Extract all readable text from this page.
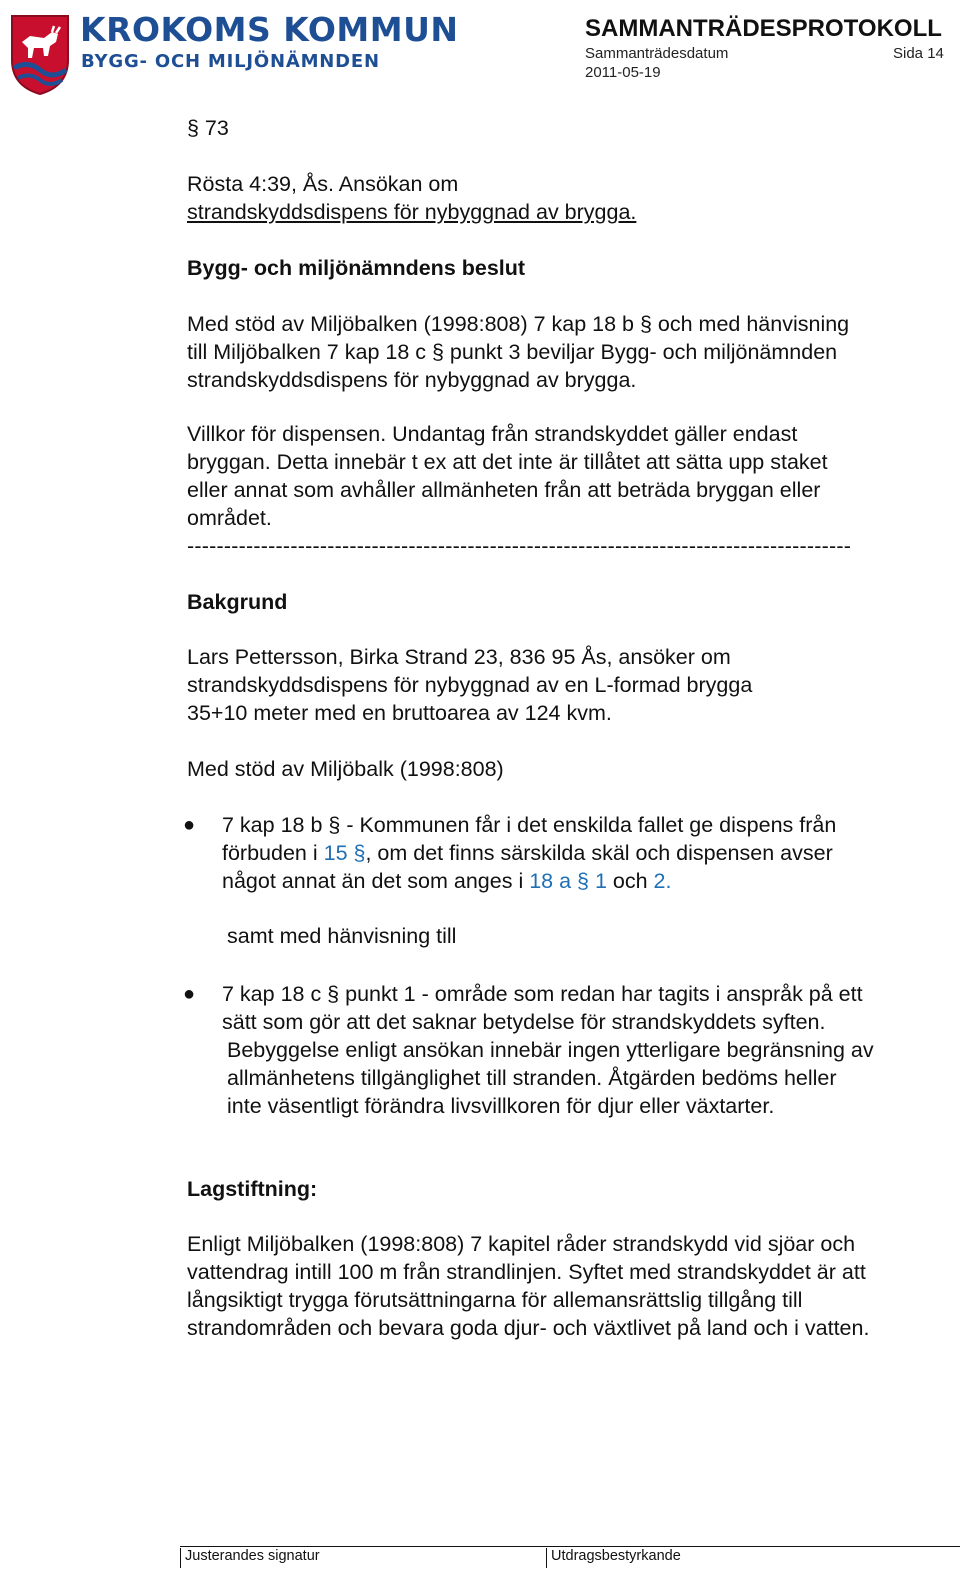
KROKOMS KOMMUN
BYGG- OCH MILJÖNÄMNDEN
SAMMANTRÄDESPROTOKOLL
Sammanträdesdatum	Sida 14
2011-05-19
§ 73
Rösta 4:39, Ås. Ansökan om
strandskyddsdispens för nybyggnad av brygga.
Bygg- och miljönämndens beslut
Med stöd av Miljöbalken (1998:808) 7 kap 18 b § och med hänvisning
till Miljöbalken 7 kap 18 c § punkt 3 beviljar Bygg- och miljönämnden
strandskyddsdispens för nybyggnad av brygga.
Villkor för dispensen. Undantag från strandskyddet gäller endast
bryggan. Detta innebär t ex att det inte är tillåtet att sätta upp staket
eller annat som avhåller allmänheten från att beträda bryggan eller
området.
------------------------------------------------------------------------------------------
Bakgrund
Lars Pettersson, Birka Strand 23, 836 95 Ås, ansöker om
strandskyddsdispens för nybyggnad av en L-formad brygga
35+10 meter med en bruttoarea av 124 kvm.
Med stöd av Miljöbalk (1998:808)
● 7 kap 18 b § - Kommunen får i det enskilda fallet ge dispens från
förbuden i 15 §, om det finns särskilda skäl och dispensen avser
något annat än det som anges i 18 a § 1 och 2.
samt med hänvisning till
● 7 kap 18 c § punkt 1 - område som redan har tagits i anspråk på ett
sätt som gör att det saknar betydelse för strandskyddets syften.
Bebyggelse enligt ansökan innebär ingen ytterligare begränsning av
allmänhetens tillgänglighet till stranden. Åtgärden bedöms heller
inte väsentligt förändra livsvillkoren för djur eller växtarter.
Lagstiftning:
Enligt Miljöbalken (1998:808) 7 kapitel råder strandskydd vid sjöar och
vattendrag intill 100 m från strandlinjen. Syftet med strandskyddet är att
långsiktigt trygga förutsättningarna för allemansrättslig tillgång till
strandområden och bevara goda djur- och växtlivet på land och i vatten.
Justerandes signatur	Utdragsbestyrkande
